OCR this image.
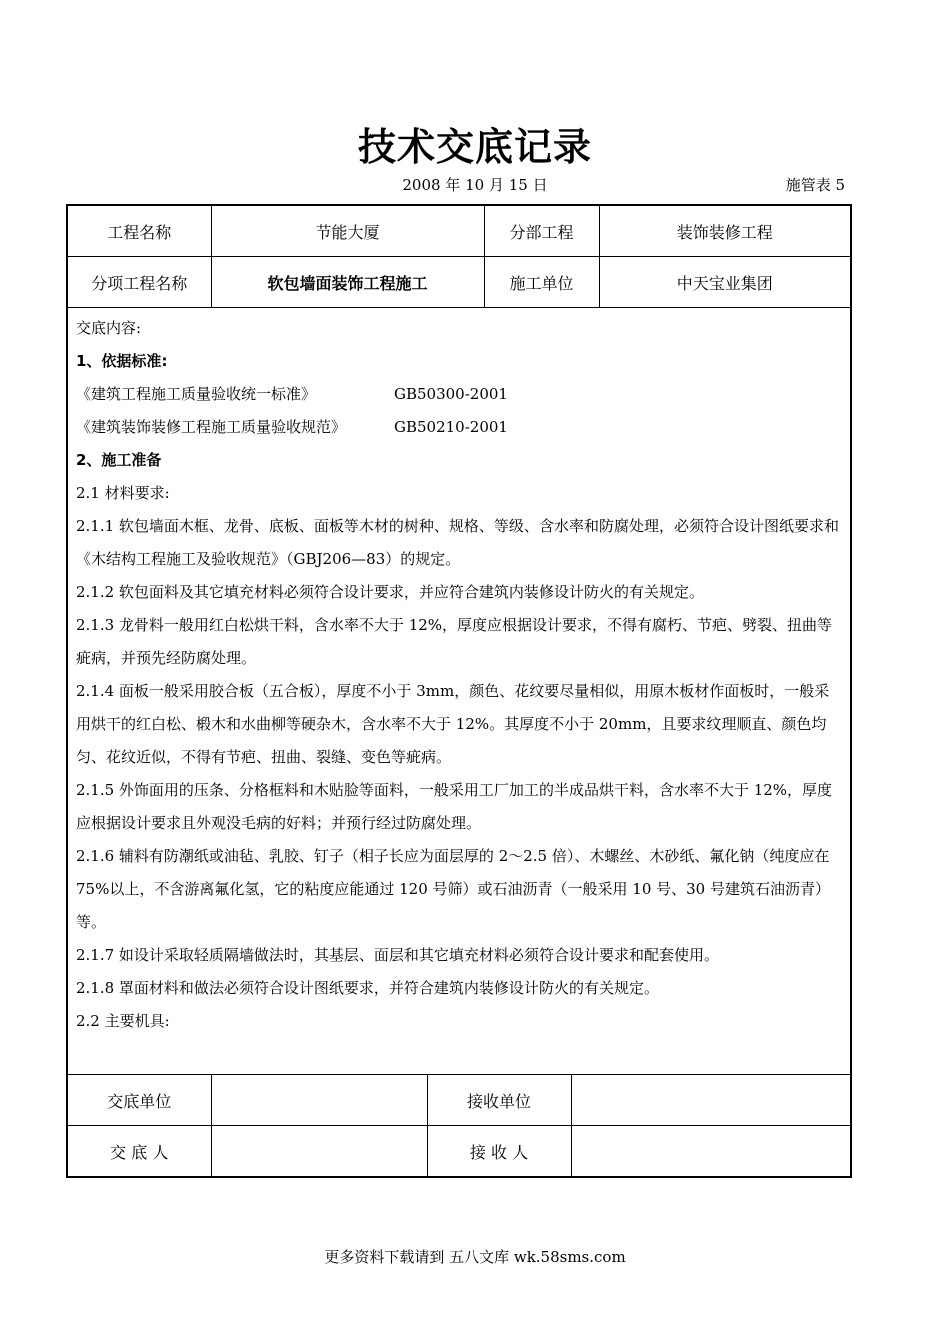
技术交底记录
2008 年 10 月 15 日	施管表 5
工程名称	节能大厦	分部工程	装饰装修工程
分项工程名称	软包墙面装饰工程施工	施工单位	中天宝业集团

交底内容:

1、依据标准:

《建筑工程施工质量验收统一标准》	GB50300-2001

《建筑装饰装修工程施工质量验收规范》	GB50210-2001

2、施工准备

2.1 材料要求:

2.1.1 软包墙面木框、龙骨、底板、面板等木材的树种、规格、等级、含水率和防腐处理，必须符合设计图纸要求和《木结构工程施工及验收规范》（GBJ206—83）的规定。

2.1.2 软包面料及其它填充材料必须符合设计要求，并应符合建筑内装修设计防火的有关规定。

2.1.3 龙骨料一般用红白松烘干料，含水率不大于 12%，厚度应根据设计要求，不得有腐朽、节疤、劈裂、扭曲等疵病，并预先经防腐处理。

2.1.4 面板一般采用胶合板（五合板），厚度不小于 3mm，颜色、花纹要尽量相似，用原木板材作面板时，一般采用烘干的红白松、椴木和水曲柳等硬杂木，含水率不大于 12%。其厚度不小于 20mm，且要求纹理顺直、颜色均匀、花纹近似，不得有节疤、扭曲、裂缝、变色等疵病。

2.1.5 外饰面用的压条、分格框料和木贴脸等面料，一般采用工厂加工的半成品烘干料，含水率不大于 12%，厚度应根据设计要求且外观没毛病的好料；并预行经过防腐处理。

2.1.6 辅料有防潮纸或油毡、乳胶、钉子（相子长应为面层厚的 2～2.5 倍）、木螺丝、木砂纸、氟化钠（纯度应在 75%以上，不含游离氟化氢，它的粘度应能通过 120 号筛）或石油沥青（一般采用 10 号、30 号建筑石油沥青）等。

2.1.7 如设计采取轻质隔墙做法时，其基层、面层和其它填充材料必须符合设计要求和配套使用。

2.1.8 罩面材料和做法必须符合设计图纸要求，并符合建筑内装修设计防火的有关规定。

2.2 主要机具:

交底单位		接收单位	
交 底 人		接 收 人	
更多资料下载请到 五八文库 wk.58sms.com
